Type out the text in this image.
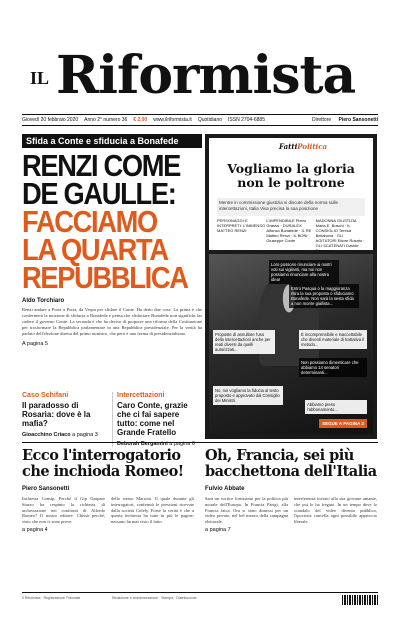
IL Riformista
Giovedì 20 febbraio 2020 Anno 2° numero 36 € 2,00 www.ilriformista.it Quotidiano ISSN 2704-6885	Direttore Piero Sansonetti
Sfida a Conte e sfiducia a Bonafede
RENZI COME
DE GAULLE:
FACCIAMO
LA QUARTA
REPUBBLICA
Aldo Torchiaro

Renzi andare a Porta a Porta, da Vespa per sfidare il Conte. Ha detto due cose. La prima è che confermerà la mozione di sfiducia a Bonafede e pensa che sfiduciare Bonafede non significhi far cadere il governo Conte. La seconda è che ha deciso di proporre una riforma della Costituzione per trasformare la Repubblica parlamentare in una Repubblica presidenziale. Per la verità ha parlato dell'elezione diretta del primo ministro, che però è una forma di presidenzialismo.

A pagina 5
FattiPolitica
Vogliamo la gloria
non le poltrone
Mentre in commissione giustizia si discute della norma sulle intercettazioni, Italia Viva precisa la sua posizione
PERSONAGGI E INTERPRETI: L'IMMENSO MATTEO RENZI
L'IMPENDIBILE Pietro Grasso · DURALEX Alfonso Bonafede · IL RE Matteo Renzi · IL BONI Giuseppe Conte
MADONNA GIUSTIZIA Maria E. Boschi · IL CONSIGLIO Teresa Bellanova · GLI AGITATORI Ettore Rosato · GLI SCATENATI Davide Faraone
Loro possono rinunciare ai nostri voti sui vigilanti, ma noi non possiamo rinunciare alla nostra idea!
Entro Pasqua o la maggioranza ritira la sua proposta o sfiduciamo Bonafede. Non sarà la sesta sfida a non morire giallista...
Proposte di annullare l'uso della intercettazioni anche per reati diversi da quelli autorizzati...
È incomprensibile e inaccettabile che diventi materiale di trattativa il metodo...
Non possiamo dimenticare che abbiamo 14 senatori determinanti...
No, noi vogliamo la fiducia al testo proposto e approvato dal Consiglio dei Ministri.
Abbiamo preso l'abbonamento...
SEGUE A PAGINA 2
Caso Schifani
Il paradosso di Rosaria: dove è la mafia?
Gioacchino Criaco a pagina 3
Intercettazioni
Caro Conte, grazie che ci fai sapere tutto: come nel Grande Fratello
Deborah Bergamini a pagina 6
Ecco l'interrogatorio che inchioda Romeo!
Piero Sansonetti

Inchiesta Consip. Perché il Gip Gaspare Sturzo ha respinto la richiesta di archiviazione nei confronti di Alfredo Romeo? Il nostro editore. Chissà perché, visto che non ci sono prove.

dello stesso Marroni. Il quale durante gli interrogatori, confermò le pressioni ricevute dalla società Cofely. Forse la verità è che a questa inchiesta ha tutte in più le pagine: nessuno ha mai visto il fatto.

a pagina 4
Oh, Francia, sei più bacchettona dell'Italia
Fulvio Abbate

Sarà un vortice fortissimo per la politica più morale dell'Europa. In Francia Parigi, alla Francia laica. Ora si sono dimessi per un video privato, nel bel mezzo della campagna elettorale.

interferenza inviato alla sua giovane amante, che poi lo ha fregato. In un tempo dove lo scandalo del video diventa pubblico, l'ipocrisia cancella ogni possibile approccio liberale.

a pagina 7
Il Riformista · Registrazione Tribunale	Redazione e amministrazione · Stampa · Distribuzione
